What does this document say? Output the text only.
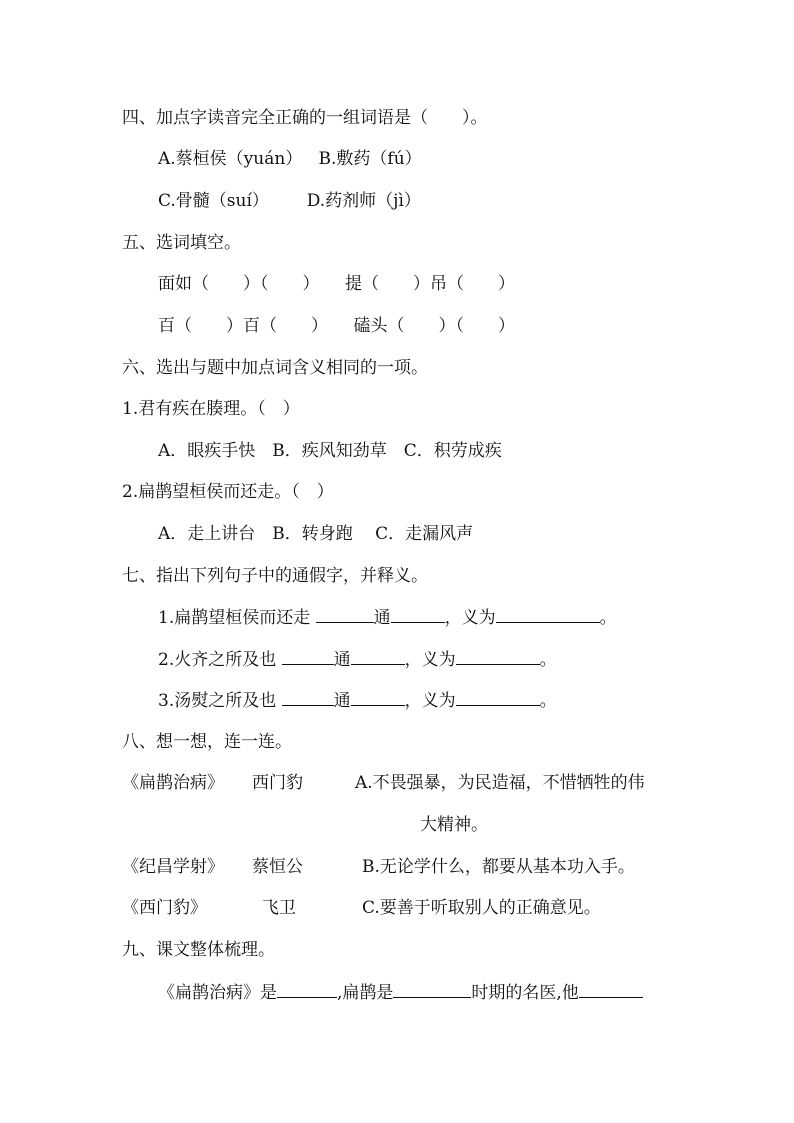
四、加点字读音完全正确的一组词语是（　　）。
A.蔡桓侯（yuán）   B.敷药（fú）
C.骨髓（suí）       D.药剂师（jì）
五、选词填空。
面如（　　）（　　）　　提（　　）吊（　　）
百（　　）百（　　）　　磕头（　　）（　　）
六、选出与题中加点词含义相同的一项。
1.君有疾在腠理。（　）
A．眼疾手快　B．疾风知劲草　C．积劳成疾
2.扁鹊望桓侯而还走。（　）
A．走上讲台　B．转身跑　 C．走漏风声
七、指出下列句子中的通假字，并释义。
1.扁鹊望桓侯而还走	通	，义为	。
2.火齐之所及也	通	，义为	。
3.汤熨之所及也	通	，义为	。
八、想一想，连一连。
《扁鹊治病》 西门豹	A.不畏强暴，为民造福，不惜牺牲的伟
大精神。
《纪昌学射》 蔡恒公	B.无论学什么，都要从基本功入手。
《西门豹》	飞卫	C.要善于听取别人的正确意见。
九、课文整体梳理。
《扁鹊治病》是	,扁鹊是	时期的名医,他
